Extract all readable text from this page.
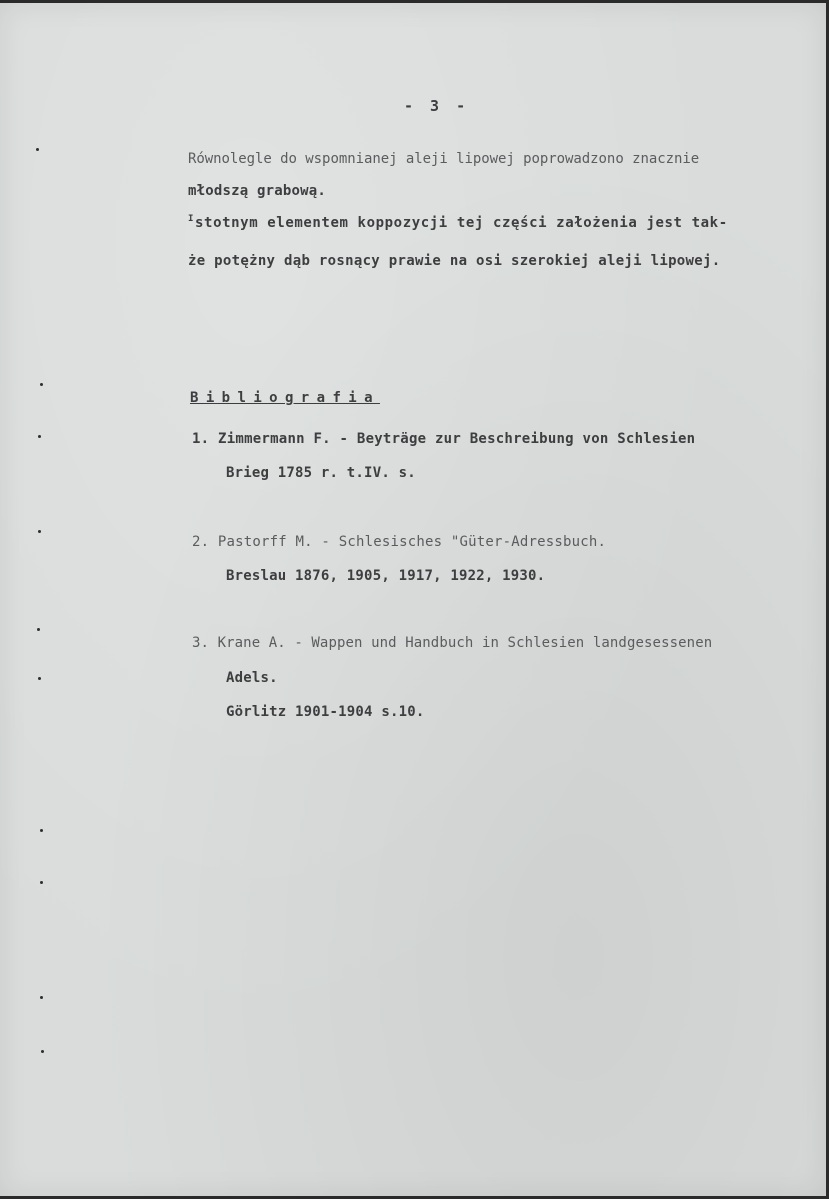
- 3 -
Równolegle do wspomnianej aleji lipowej poprowadzono znacznie
młodszą grabową.
$^I$stotnym elementem koppozycji tej części założenia jest tak-
że potężny dąb rosnący prawie na osi szerokiej aleji lipowej.
Bibliografia
1. Zimmermann F. - Beyträge zur Beschreibung von Schlesien
Brieg 1785 r. t.IV. s.
2. Pastorff M. - Schlesisches "Güter-Adressbuch.
Breslau 1876, 1905, 1917, 1922, 1930.
3. Krane A. - Wappen und Handbuch in Schlesien landgesessenen
Adels.
Görlitz 1901-1904 s.10.
